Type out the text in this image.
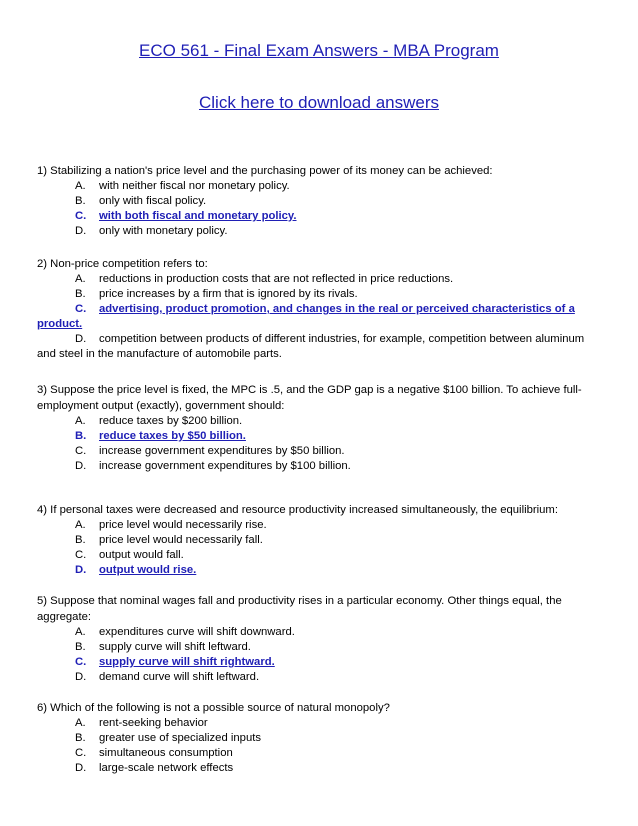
ECO 561 - Final Exam Answers - MBA Program
Click here to download answers
1) Stabilizing a nation's price level and the purchasing power of its money can be achieved:
A.	with neither fiscal nor monetary policy.
B.	only with fiscal policy.
C.	with both fiscal and monetary policy.
D.	only with monetary policy.
2) Non-price competition refers to:
A.	reductions in production costs that are not reflected in price reductions.
B.	price increases by a firm that is ignored by its rivals.
C. advertising, product promotion, and changes in the real or perceived characteristics of a product.
D. competition between products of different industries, for example, competition between aluminum and steel in the manufacture of automobile parts.
3) Suppose the price level is fixed, the MPC is .5, and the GDP gap is a negative $100 billion. To achieve full-employment output (exactly), government should:
A.	reduce taxes by $200 billion.
B.	reduce taxes by $50 billion.
C.	increase government expenditures by $50 billion.
D.	increase government expenditures by $100 billion.
4) If personal taxes were decreased and resource productivity increased simultaneously, the equilibrium:
A.	price level would necessarily rise.
B.	price level would necessarily fall.
C.	output would fall.
D.	output would rise.
5) Suppose that nominal wages fall and productivity rises in a particular economy. Other things equal, the aggregate:
A.	expenditures curve will shift downward.
B.	supply curve will shift leftward.
C.	supply curve will shift rightward.
D.	demand curve will shift leftward.
6) Which of the following is not a possible source of natural monopoly?
A.	rent-seeking behavior
B.	greater use of specialized inputs
C.	simultaneous consumption
D.	large-scale network effects
